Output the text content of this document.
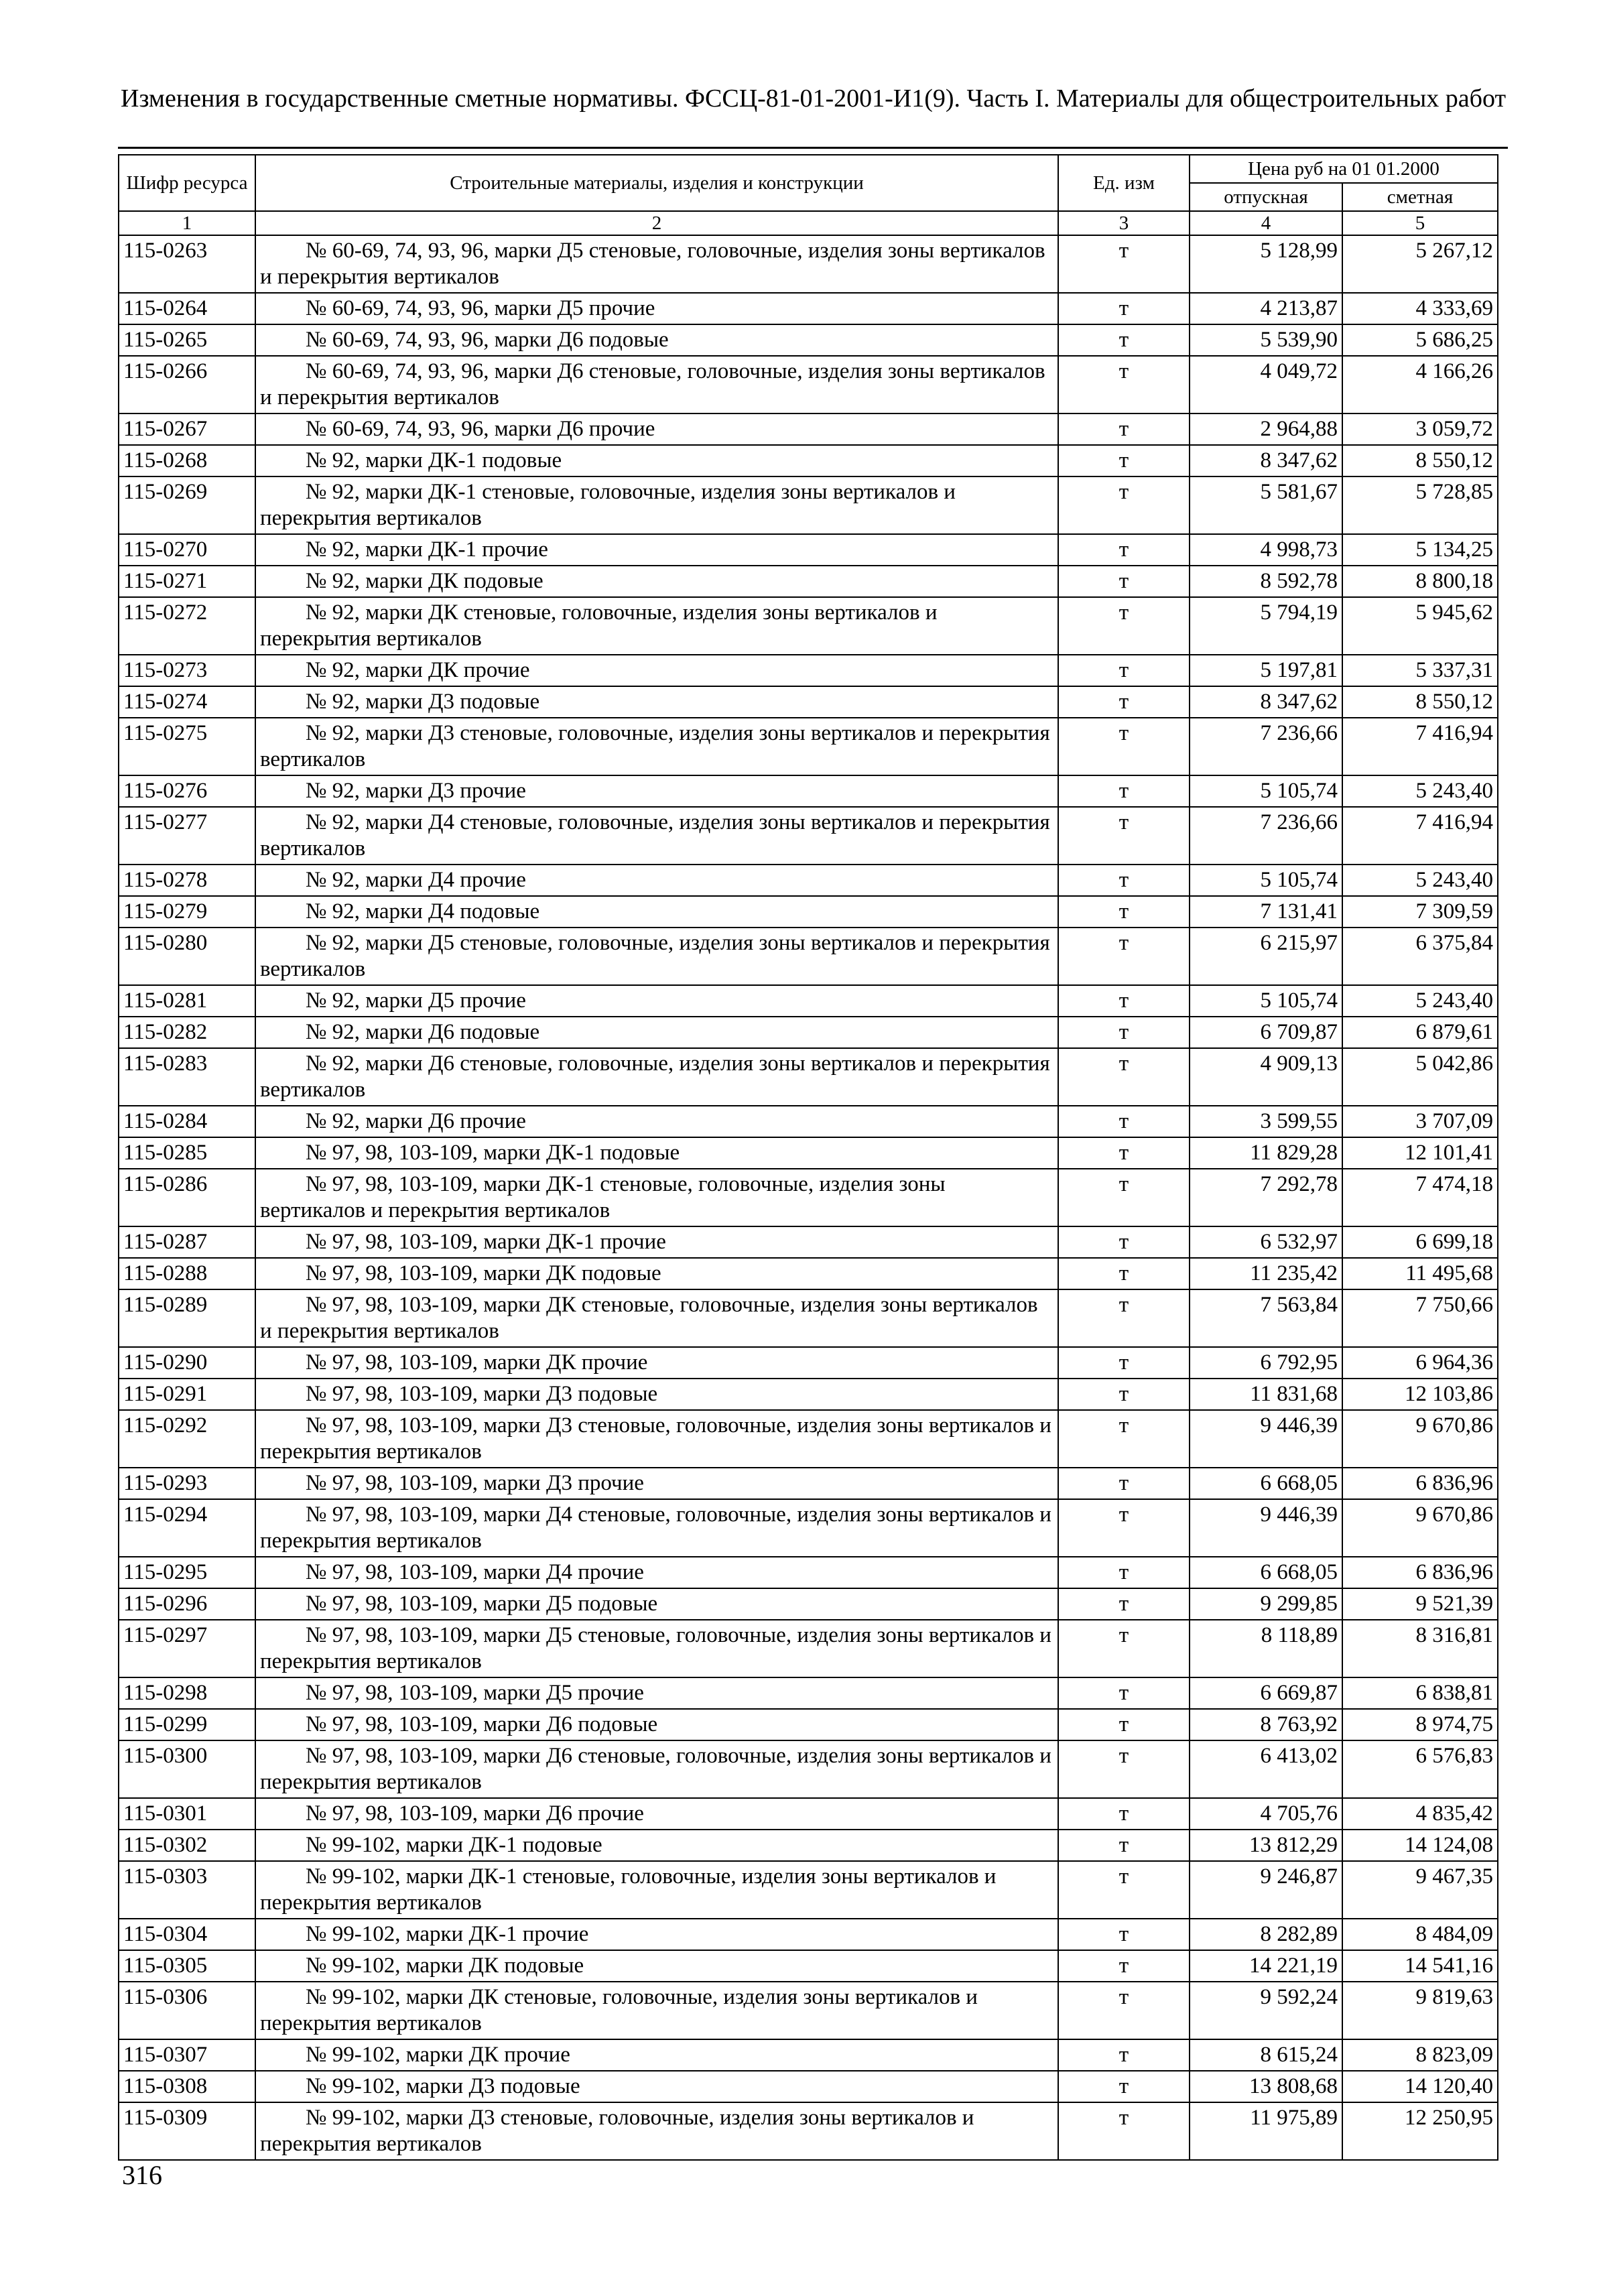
Изменения в государственные сметные нормативы. ФССЦ-81-01-2001-И1(9). Часть I. Материалы для общестроительных работ
Шифр ресурса	Строительные материалы, изделия и конструкции	Ед. изм	Цена руб на 01 01.2000	
			отпускная	сметная
1	2	3	4	5
115-0263	№ 60-69, 74, 93, 96, марки Д5 стеновые, головочные, изделия зоны вертикалов и перекрытия вертикалов	т	5 128,99	5 267,12
115-0264	№ 60-69, 74, 93, 96, марки Д5 прочие	т	4 213,87	4 333,69
115-0265	№ 60-69, 74, 93, 96, марки Д6 подовые	т	5 539,90	5 686,25
115-0266	№ 60-69, 74, 93, 96, марки Д6 стеновые, головочные, изделия зоны вертикалов и перекрытия вертикалов	т	4 049,72	4 166,26
115-0267	№ 60-69, 74, 93, 96, марки Д6 прочие	т	2 964,88	3 059,72
115-0268	№ 92, марки ДК-1 подовые	т	8 347,62	8 550,12
115-0269	№ 92, марки ДК-1 стеновые, головочные, изделия зоны вертикалов и перекрытия вертикалов	т	5 581,67	5 728,85
115-0270	№ 92, марки ДК-1 прочие	т	4 998,73	5 134,25
115-0271	№ 92, марки ДК подовые	т	8 592,78	8 800,18
115-0272	№ 92, марки ДК стеновые, головочные, изделия зоны вертикалов и перекрытия вертикалов	т	5 794,19	5 945,62
115-0273	№ 92, марки ДК прочие	т	5 197,81	5 337,31
115-0274	№ 92, марки Д3 подовые	т	8 347,62	8 550,12
115-0275	№ 92, марки Д3 стеновые, головочные, изделия зоны вертикалов и перекрытия вертикалов	т	7 236,66	7 416,94
115-0276	№ 92, марки Д3 прочие	т	5 105,74	5 243,40
115-0277	№ 92, марки Д4 стеновые, головочные, изделия зоны вертикалов и перекрытия вертикалов	т	7 236,66	7 416,94
115-0278	№ 92, марки Д4 прочие	т	5 105,74	5 243,40
115-0279	№ 92, марки Д4 подовые	т	7 131,41	7 309,59
115-0280	№ 92, марки Д5 стеновые, головочные, изделия зоны вертикалов и перекрытия вертикалов	т	6 215,97	6 375,84
115-0281	№ 92, марки Д5 прочие	т	5 105,74	5 243,40
115-0282	№ 92, марки Д6 подовые	т	6 709,87	6 879,61
115-0283	№ 92, марки Д6 стеновые, головочные, изделия зоны вертикалов и перекрытия вертикалов	т	4 909,13	5 042,86
115-0284	№ 92, марки Д6 прочие	т	3 599,55	3 707,09
115-0285	№ 97, 98, 103-109, марки ДК-1 подовые	т	11 829,28	12 101,41
115-0286	№ 97, 98, 103-109, марки ДК-1 стеновые, головочные, изделия зоны вертикалов и перекрытия вертикалов	т	7 292,78	7 474,18
115-0287	№ 97, 98, 103-109, марки ДК-1 прочие	т	6 532,97	6 699,18
115-0288	№ 97, 98, 103-109, марки ДК подовые	т	11 235,42	11 495,68
115-0289	№ 97, 98, 103-109, марки ДК стеновые, головочные, изделия зоны вертикалов и перекрытия вертикалов	т	7 563,84	7 750,66
115-0290	№ 97, 98, 103-109, марки ДК прочие	т	6 792,95	6 964,36
115-0291	№ 97, 98, 103-109, марки Д3 подовые	т	11 831,68	12 103,86
115-0292	№ 97, 98, 103-109, марки Д3 стеновые, головочные, изделия зоны вертикалов и перекрытия вертикалов	т	9 446,39	9 670,86
115-0293	№ 97, 98, 103-109, марки Д3 прочие	т	6 668,05	6 836,96
115-0294	№ 97, 98, 103-109, марки Д4 стеновые, головочные, изделия зоны вертикалов и перекрытия вертикалов	т	9 446,39	9 670,86
115-0295	№ 97, 98, 103-109, марки Д4 прочие	т	6 668,05	6 836,96
115-0296	№ 97, 98, 103-109, марки Д5 подовые	т	9 299,85	9 521,39
115-0297	№ 97, 98, 103-109, марки Д5 стеновые, головочные, изделия зоны вертикалов и перекрытия вертикалов	т	8 118,89	8 316,81
115-0298	№ 97, 98, 103-109, марки Д5 прочие	т	6 669,87	6 838,81
115-0299	№ 97, 98, 103-109, марки Д6 подовые	т	8 763,92	8 974,75
115-0300	№ 97, 98, 103-109, марки Д6 стеновые, головочные, изделия зоны вертикалов и перекрытия вертикалов	т	6 413,02	6 576,83
115-0301	№ 97, 98, 103-109, марки Д6 прочие	т	4 705,76	4 835,42
115-0302	№ 99-102, марки ДК-1 подовые	т	13 812,29	14 124,08
115-0303	№ 99-102, марки ДК-1 стеновые, головочные, изделия зоны вертикалов и перекрытия вертикалов	т	9 246,87	9 467,35
115-0304	№ 99-102, марки ДК-1 прочие	т	8 282,89	8 484,09
115-0305	№ 99-102, марки ДК подовые	т	14 221,19	14 541,16
115-0306	№ 99-102, марки ДК стеновые, головочные, изделия зоны вертикалов и перекрытия вертикалов	т	9 592,24	9 819,63
115-0307	№ 99-102, марки ДК прочие	т	8 615,24	8 823,09
115-0308	№ 99-102, марки Д3 подовые	т	13 808,68	14 120,40
115-0309	№ 99-102, марки Д3 стеновые, головочные, изделия зоны вертикалов и перекрытия вертикалов	т	11 975,89	12 250,95
316
